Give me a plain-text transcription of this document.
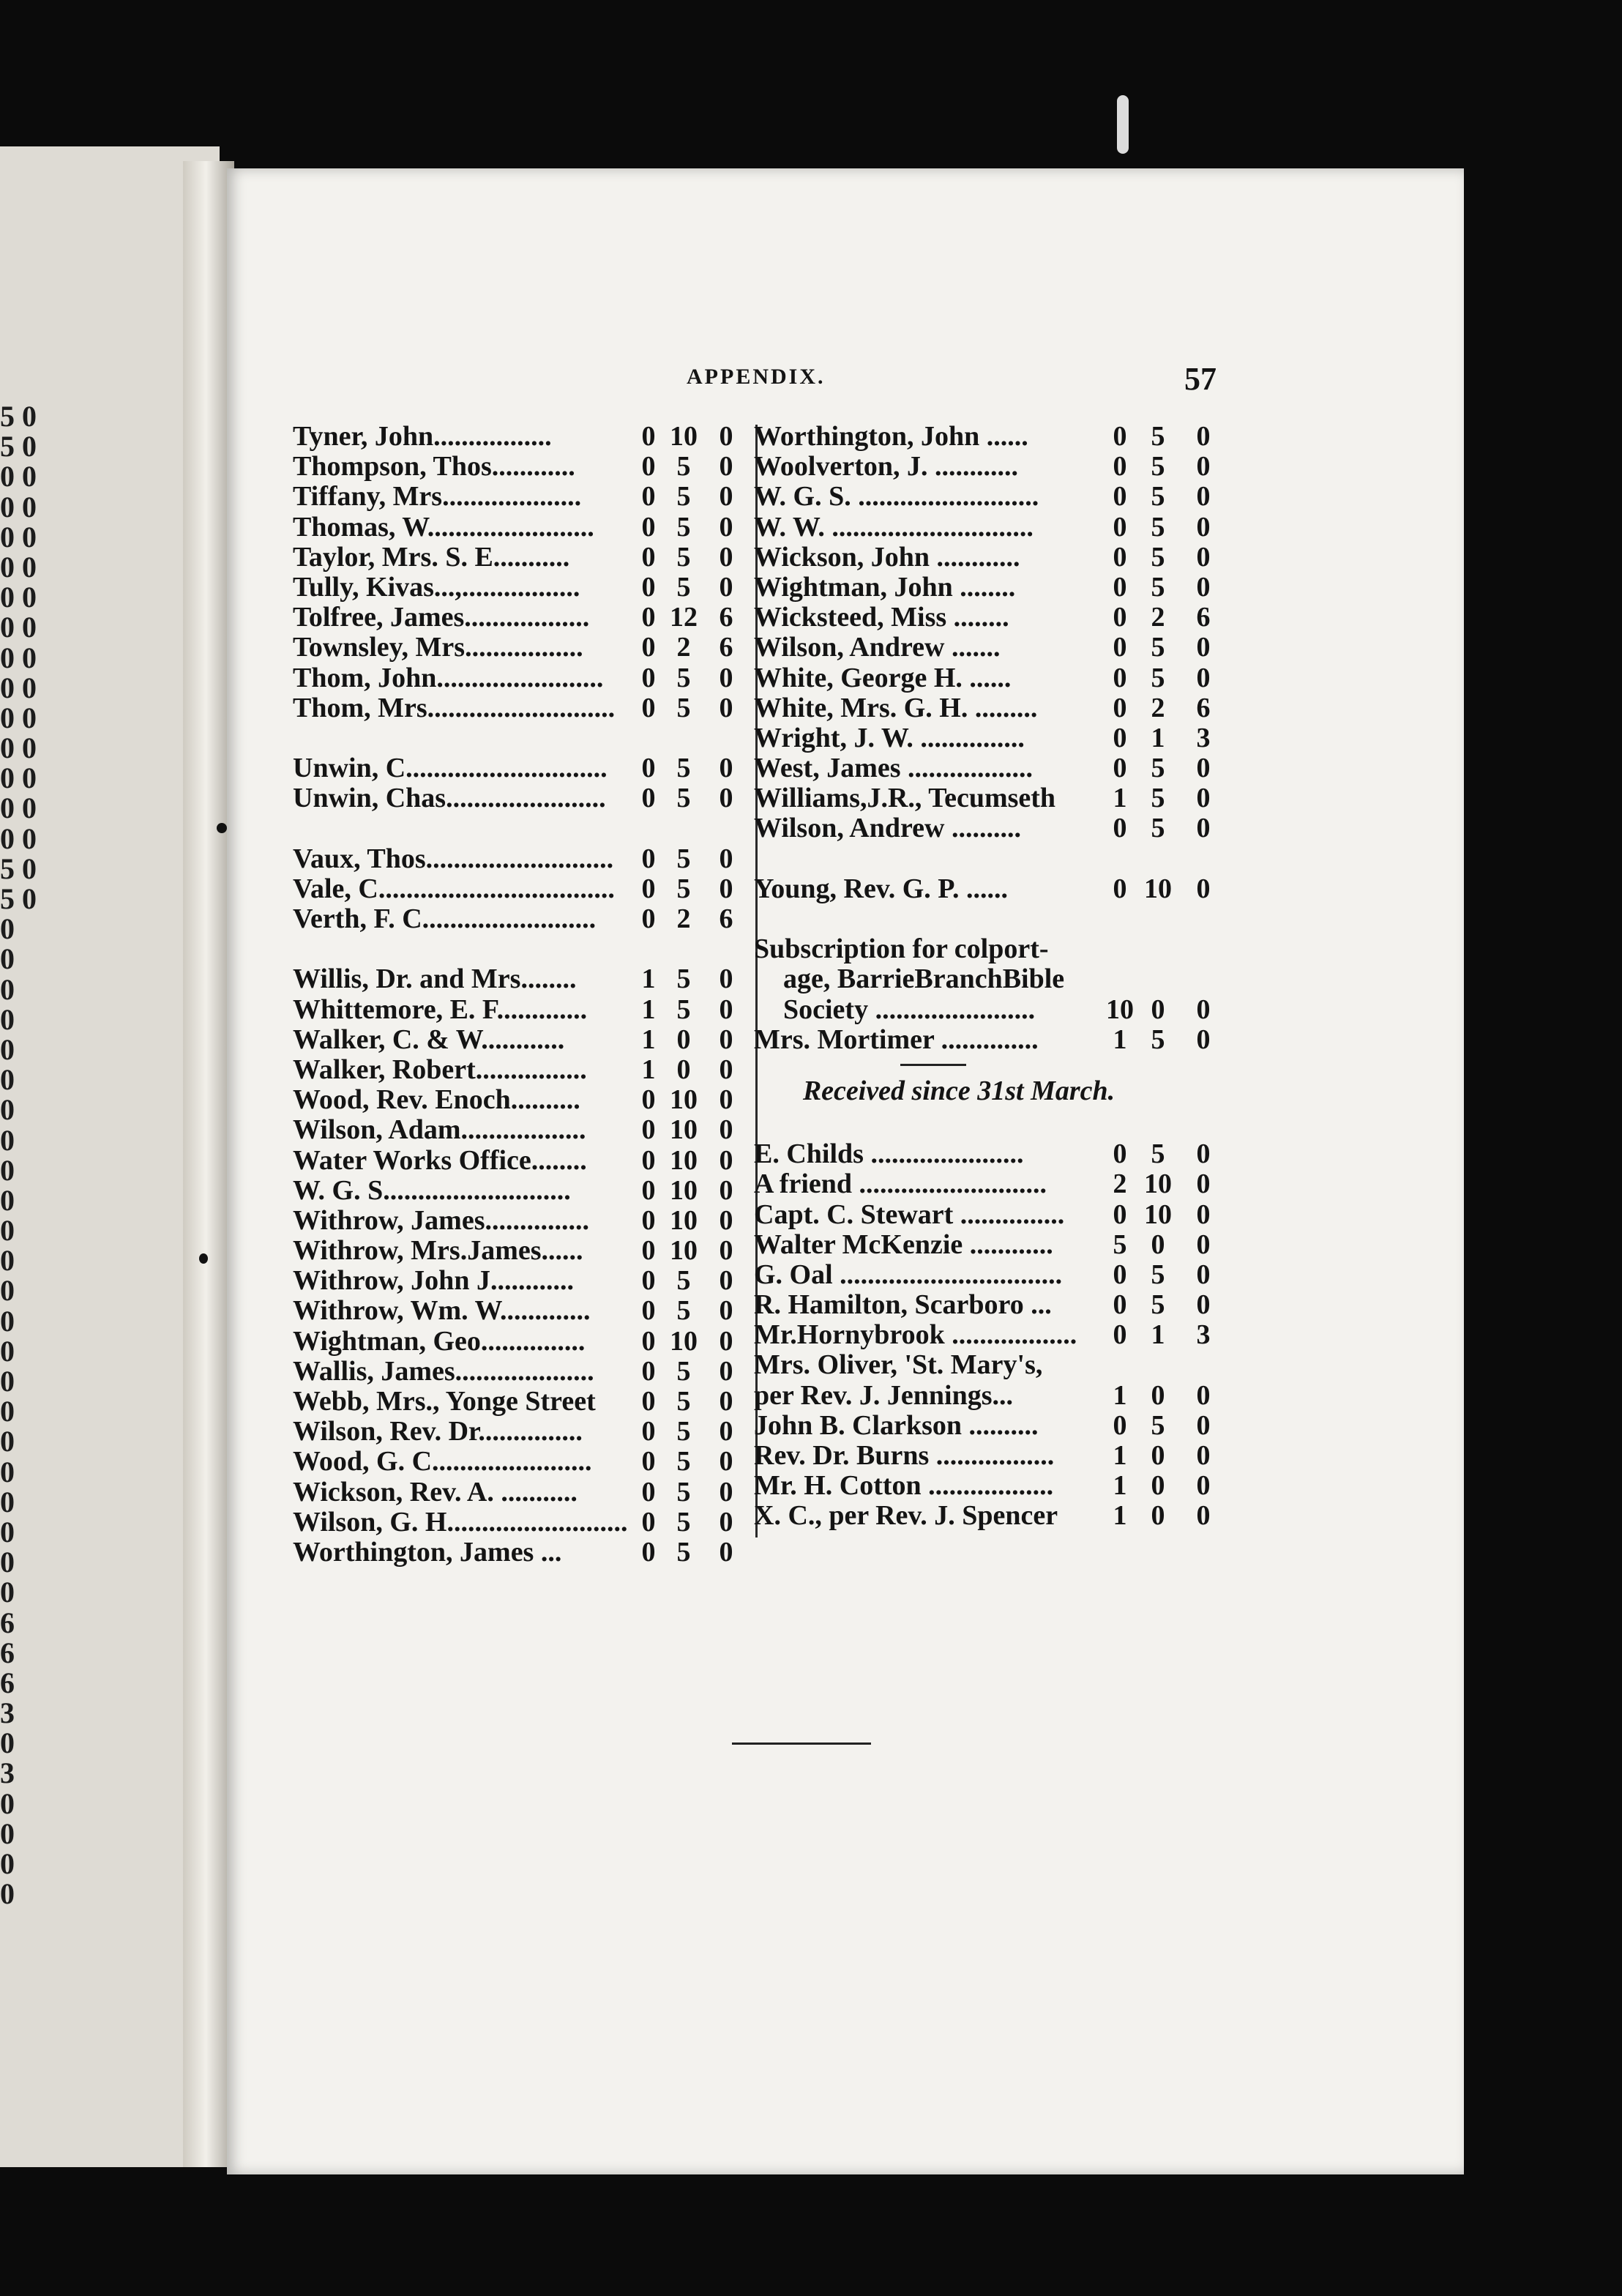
5 0
5 0
0 0
0 0
0 0
0 0
0 0
0 0
0 0
0 0
0 0
0 0
0 0
0 0
0 0
5 0
5 0
0
0
0
0
0
0
0
0
0
0
0
0
0
0
0
0
0
0
0
0
0
0
0
6
6
6
3
0
3
0
0
0
0
APPENDIX.	57
Tyner, John.................	0 10 0
Thompson, Thos............ 0 5	0
Tiffany, Mrs.................... 0 5	0
Thomas, W........................ 0 5	0
Taylor, Mrs. S. E...........	0 5	0
Tully, Kivas...,................. 0 5	0
Tolfree, James.................. 0 12 6
Townsley, Mrs................. 0 2	6
Thom, John........................ 0 5	0
Thom, Mrs........................... 0 5	0
Unwin, C............................. 0 5	0
Unwin, Chas....................... 0 5	0
Vaux, Thos........................... 0 5	0
Vale, C.................................. 0 5	0
Verth, F. C......................... 0 2	6
Willis, Dr. and Mrs........ 1 5	0
Whittemore, E. F............. 1 5	0
Walker, C. & W............	1 0	0
Walker, Robert................ 1 0	0
Wood, Rev. Enoch.......... 0 10 0
Wilson, Adam.................. 0 10 0
Water Works Office........ 0 10 0
W. G. S...........................	0 10 0
Withrow, James............... 0 10 0
Withrow, Mrs.James...... 0 10 0
Withrow, John J............ 0 5	0
Withrow, Wm. W............. 0 5	0
Wightman, Geo............... 0 10 0
Wallis, James.................... 0 5	0
Webb, Mrs., Yonge Street 0 5	0
Wilson, Rev. Dr............... 0 5	0
Wood, G. C....................... 0 5	0
Wickson, Rev. A. ........... 0 5	0
Wilson, G. H.......................... 0 5	0
Worthington, James ...	0 5	0
Worthington, John ......	0 5	0
Woolverton, J. ............	0 5	0
W. G. S. ..........................	0 5	0
W. W. .............................	0 5	0
Wickson, John ............	0 5	0
Wightman, John ........	0 5	0
Wicksteed, Miss ........	0 2	6
Wilson, Andrew .......	0 5	0
White, George H. ......	0 5	0
White, Mrs. G. H. .........	0 2	6
Wright, J. W. ...............	0 1	3
West, James ..................	0 5	0
Williams,J.R., Tecumseth 1 5	0
Wilson, Andrew ..........	0 5	0
Young, Rev. G. P. ......	0 10 0
Subscription for colport-
age, BarrieBranchBible
Society .......................	10 0	0
Mrs. Mortimer ..............	1 5	0
Received since 31st March.
E. Childs ......................	0 5	0
A friend ........................... 2 10 0
Capt. C. Stewart ............... 0 10 0
Walter McKenzie ............ 5 0	0
G. Oal ................................ 0 5	0
R. Hamilton, Scarboro ... 0 5	0
Mr.Hornybrook .................. 0 1	3
Mrs. Oliver, 'St. Mary's,
per Rev. J. Jennings...	1 0	0
John B. Clarkson ..........	0 5	0
Rev. Dr. Burns ................. 1 0	0
Mr. H. Cotton .................. 1 0	0
X. C., per Rev. J. Spencer 1 0	0
